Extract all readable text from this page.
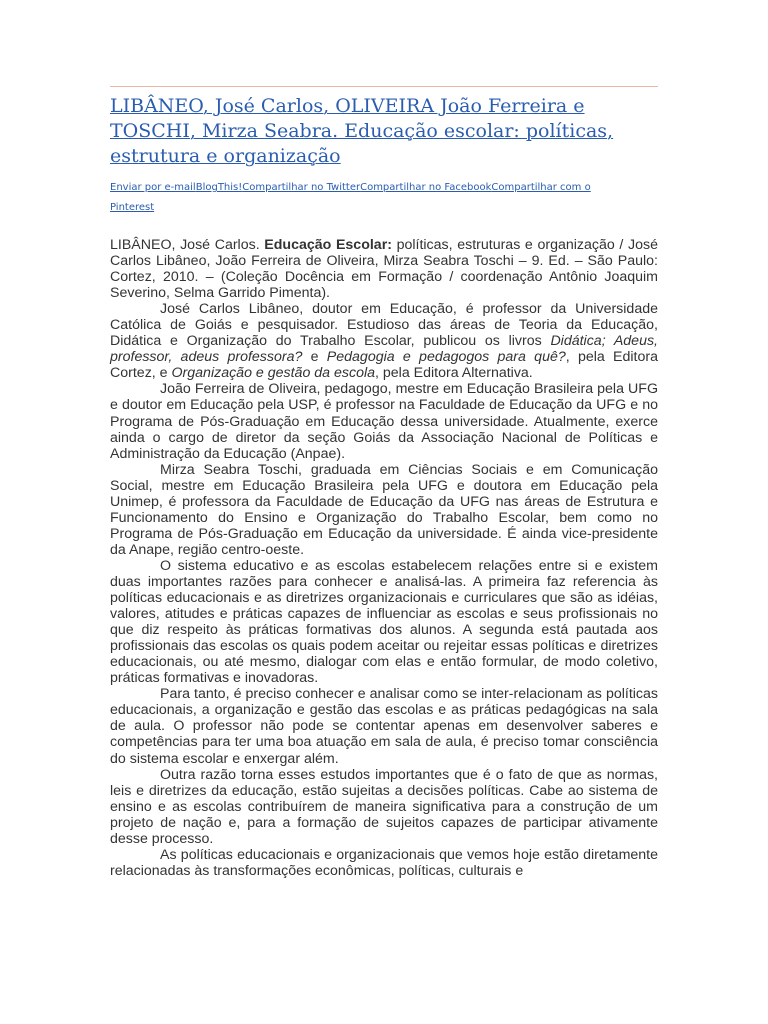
LIBÂNEO, José Carlos, OLIVEIRA João Ferreira e TOSCHI, Mirza Seabra. Educação escolar: políticas, estrutura e organização
Enviar por e-mailBlogThis!Compartilhar no TwitterCompartilhar no FacebookCompartilhar com o Pinterest

LIBÂNEO, José Carlos. Educação Escolar: políticas, estruturas e organização / José Carlos Libâneo, João Ferreira de Oliveira, Mirza Seabra Toschi – 9. Ed. – São Paulo: Cortez, 2010. – (Coleção Docência em Formação / coordenação Antônio Joaquim Severino, Selma Garrido Pimenta).

José Carlos Libâneo, doutor em Educação, é professor da Universidade Católica de Goiás e pesquisador. Estudioso das áreas de Teoria da Educação, Didática e Organização do Trabalho Escolar, publicou os livros Didática; Adeus, professor, adeus professora? e Pedagogia e pedagogos para quê?, pela Editora Cortez, e Organização e gestão da escola, pela Editora Alternativa.

João Ferreira de Oliveira, pedagogo, mestre em Educação Brasileira pela UFG e doutor em Educação pela USP, é professor na Faculdade de Educação da UFG e no Programa de Pós-Graduação em Educação dessa universidade. Atualmente, exerce ainda o cargo de diretor da seção Goiás da Associação Nacional de Políticas e Administração da Educação (Anpae).

Mirza Seabra Toschi, graduada em Ciências Sociais e em Comunicação Social, mestre em Educação Brasileira pela UFG e doutora em Educação pela Unimep, é professora da Faculdade de Educação da UFG nas áreas de Estrutura e Funcionamento do Ensino e Organização do Trabalho Escolar, bem como no Programa de Pós-Graduação em Educação da universidade. É ainda vice-presidente da Anape, região centro-oeste.

O sistema educativo e as escolas estabelecem relações entre si e existem duas importantes razões para conhecer e analisá-las. A primeira faz referencia às políticas educacionais e as diretrizes organizacionais e curriculares que são as idéias, valores, atitudes e práticas capazes de influenciar as escolas e seus profissionais no que diz respeito às práticas formativas dos alunos. A segunda está pautada aos profissionais das escolas os quais podem aceitar ou rejeitar essas políticas e diretrizes educacionais, ou até mesmo, dialogar com elas e então formular, de modo coletivo, práticas formativas e inovadoras.

Para tanto, é preciso conhecer e analisar como se inter-relacionam as políticas educacionais, a organização e gestão das escolas e as práticas pedagógicas na sala de aula. O professor não pode se contentar apenas em desenvolver saberes e competências para ter uma boa atuação em sala de aula, é preciso tomar consciência do sistema escolar e enxergar além.

Outra razão torna esses estudos importantes que é o fato de que as normas, leis e diretrizes da educação, estão sujeitas a decisões políticas. Cabe ao sistema de ensino e as escolas contribuírem de maneira significativa para a construção de um projeto de nação e, para a formação de sujeitos capazes de participar ativamente desse processo.

As políticas educacionais e organizacionais que vemos hoje estão diretamente relacionadas às transformações econômicas, políticas, culturais e
